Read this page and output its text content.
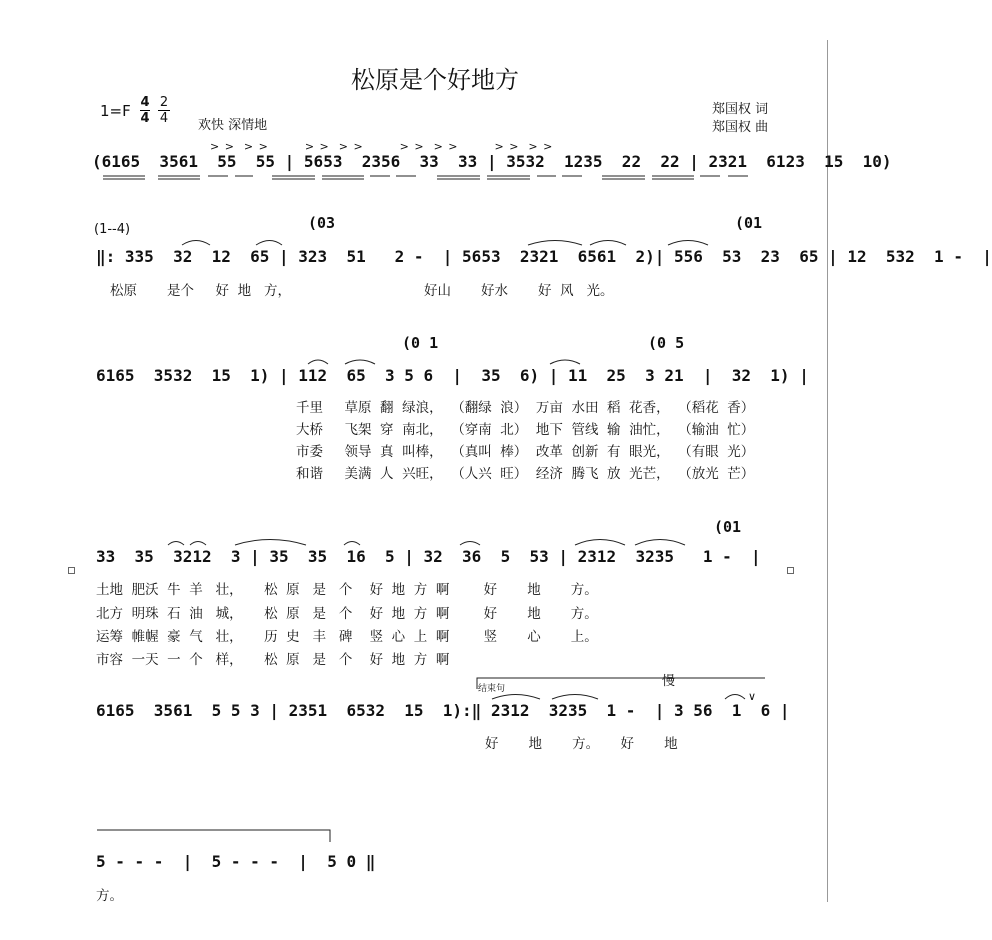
松原是个好地方
1=F 4
4
2
4 欢快 深情地
郑国权 词
郑国权 曲
> >  > >        > >  > >        > >  > >        > >  > >
(6165  3561  55  55 | 5653  2356  33  33 | 3532  1235  22  22 | 2321  6123  15  10)
(1--4)	(03	(01
‖: 335  32  12  65 | 323  51   2 -  | 5653  2321  6561  2)| 556  53  23  65 | 12  532  1 -  |
松原       是个     好  地   方，                               好山       好水       好  风   光。
(0 1	(0 5
6165  3532  15  1) | 112  65  3 5 6  |  35  6) | 11  25  3 21  |  32  1) |
千里     草原  翻  绿浪，  （翻绿  浪）  万亩  水田  稻  花香，  （稻花  香）
大桥     飞架  穿  南北，  （穿南  北）  地下  管线  输  油忙，  （输油  忙）
市委     领导  真  叫棒，  （真叫  棒）  改革  创新  有  眼光，  （有眼  光）
和谐     美满  人  兴旺，  （人兴  旺）  经济  腾飞  放  光芒，  （放光  芒）
(01
33  35  3212  3 | 35  35  16  5 | 32  36  5  53 | 2312  3235   1 -  |
土地  肥沃  牛  羊   壮，     松  原   是   个    好  地  方  啊        好       地       方。
北方  明珠  石  油   城，     松  原   是   个    好  地  方  啊        好       地       方。
运筹  帷幄  豪  气   壮，     历  史   丰   碑    竖  心  上  啊        竖       心       上。
市容  一天  一  个   样，     松  原   是   个    好  地  方  啊
结束句	慢
∨
6165  3561  5 5 3 | 2351  6532  15  1):‖ 2312  3235  1 -  | 3 56  1  6 |
好       地       方。     好       地
5 - - -  |  5 - - -  |  5 0 ‖
方。
